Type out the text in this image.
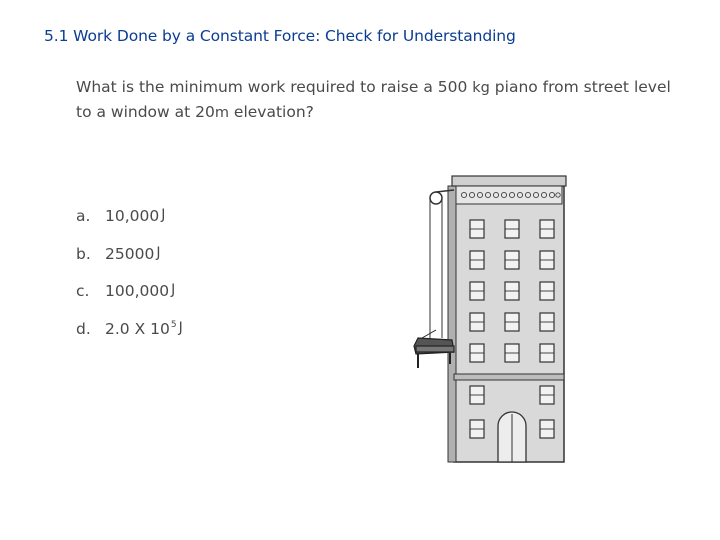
5.1 Work Done by a Constant Force: Check for Understanding
What is the minimum work required to raise a 500 kg piano from street level to a window at 20m elevation?
a. 10,000 J
b. 25000 J
c.	100,000 J
d. 2.0 X $10^5$ J
